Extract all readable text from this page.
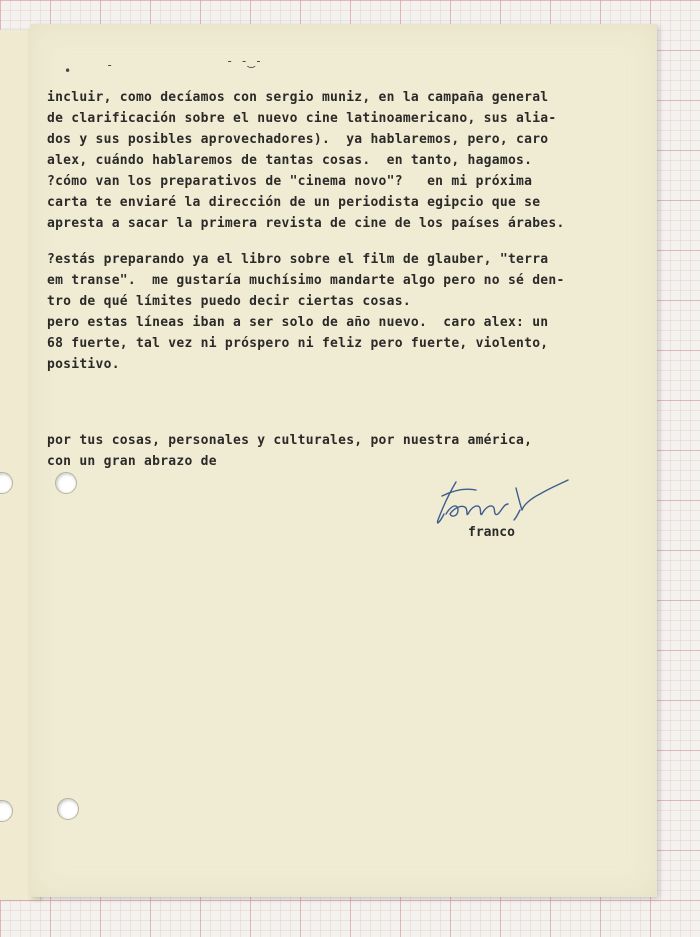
•	-	- -‿-
incluir, como decíamos con sergio muniz, en la campaña general
de clarificación sobre el nuevo cine latinoamericano, sus alia-
dos y sus posibles aprovechadores).  ya hablaremos, pero, caro
alex, cuándo hablaremos de tantas cosas.  en tanto, hagamos.
?cómo van los preparativos de "cinema novo"?   en mi próxima
carta te enviaré la dirección de un periodista egipcio que se
apresta a sacar la primera revista de cine de los países árabes.
?estás preparando ya el libro sobre el film de glauber, "terra
em transe".  me gustaría muchísimo mandarte algo pero no sé den-
tro de qué límites puedo decir ciertas cosas.
pero estas líneas iban a ser solo de año nuevo.  caro alex: un
68 fuerte, tal vez ni próspero ni feliz pero fuerte, violento,
positivo.
por tus cosas, personales y culturales, por nuestra américa,
con un gran abrazo de
franco
